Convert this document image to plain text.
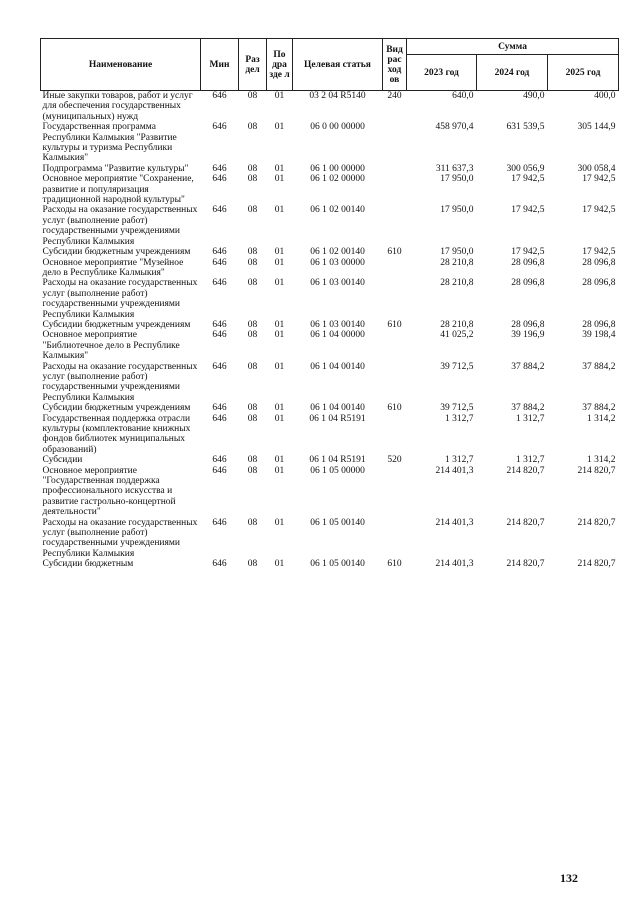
Наименование	Мин	Раз дел	По дра зде л	Целевая статья	Вид рас ход ов	Сумма		
						2023 год	2024 год	2025 год
Иные закупки товаров, работ и услуг для обеспечения государственных (муниципальных) нужд	646	08	01	03 2 04 R5140	240	640,0	490,0	400,0
Государственная программа Республики Калмыкия "Развитие культуры и туризма Республики Калмыкия"	646	08	01	06 0 00 00000		458 970,4	631 539,5	305 144,9
Подпрограмма "Развитие культуры"	646	08	01	06 1 00 00000		311 637,3	300 056,9	300 058,4
Основное мероприятие "Сохранение, развитие и популяризация традиционной народной культуры"	646	08	01	06 1 02 00000		17 950,0	17 942,5	17 942,5
Расходы на оказание государственных услуг (выполнение работ) государственными учреждениями Республики Калмыкия	646	08	01	06 1 02 00140		17 950,0	17 942,5	17 942,5
Субсидии бюджетным учреждениям	646	08	01	06 1 02 00140	610	17 950,0	17 942,5	17 942,5
Основное мероприятие "Музейное дело в Республике Калмыкия"	646	08	01	06 1 03 00000		28 210,8	28 096,8	28 096,8
Расходы на оказание государственных услуг (выполнение работ) государственными учреждениями Республики Калмыкия	646	08	01	06 1 03 00140		28 210,8	28 096,8	28 096,8
Субсидии бюджетным учреждениям	646	08	01	06 1 03 00140	610	28 210,8	28 096,8	28 096,8
Основное мероприятие "Библиотечное дело в Республике Калмыкия"	646	08	01	06 1 04 00000		41 025,2	39 196,9	39 198,4
Расходы на оказание государственных услуг (выполнение работ) государственными учреждениями Республики Калмыкия	646	08	01	06 1 04 00140		39 712,5	37 884,2	37 884,2
Субсидии бюджетным учреждениям	646	08	01	06 1 04 00140	610	39 712,5	37 884,2	37 884,2
Государственная поддержка отрасли культуры (комплектование книжных фондов библиотек муниципальных образований)	646	08	01	06 1 04 R5191		1 312,7	1 312,7	1 314,2
Субсидии	646	08	01	06 1 04 R5191	520	1 312,7	1 312,7	1 314,2
Основное мероприятие "Государственная поддержка профессионального искусства и развитие гастрольно-концертной деятельности"	646	08	01	06 1 05 00000		214 401,3	214 820,7	214 820,7
Расходы на оказание государственных услуг (выполнение работ) государственными учреждениями Республики Калмыкия	646	08	01	06 1 05 00140		214 401,3	214 820,7	214 820,7
Субсидии бюджетным	646	08	01	06 1 05 00140	610	214 401,3	214 820,7	214 820,7
132
